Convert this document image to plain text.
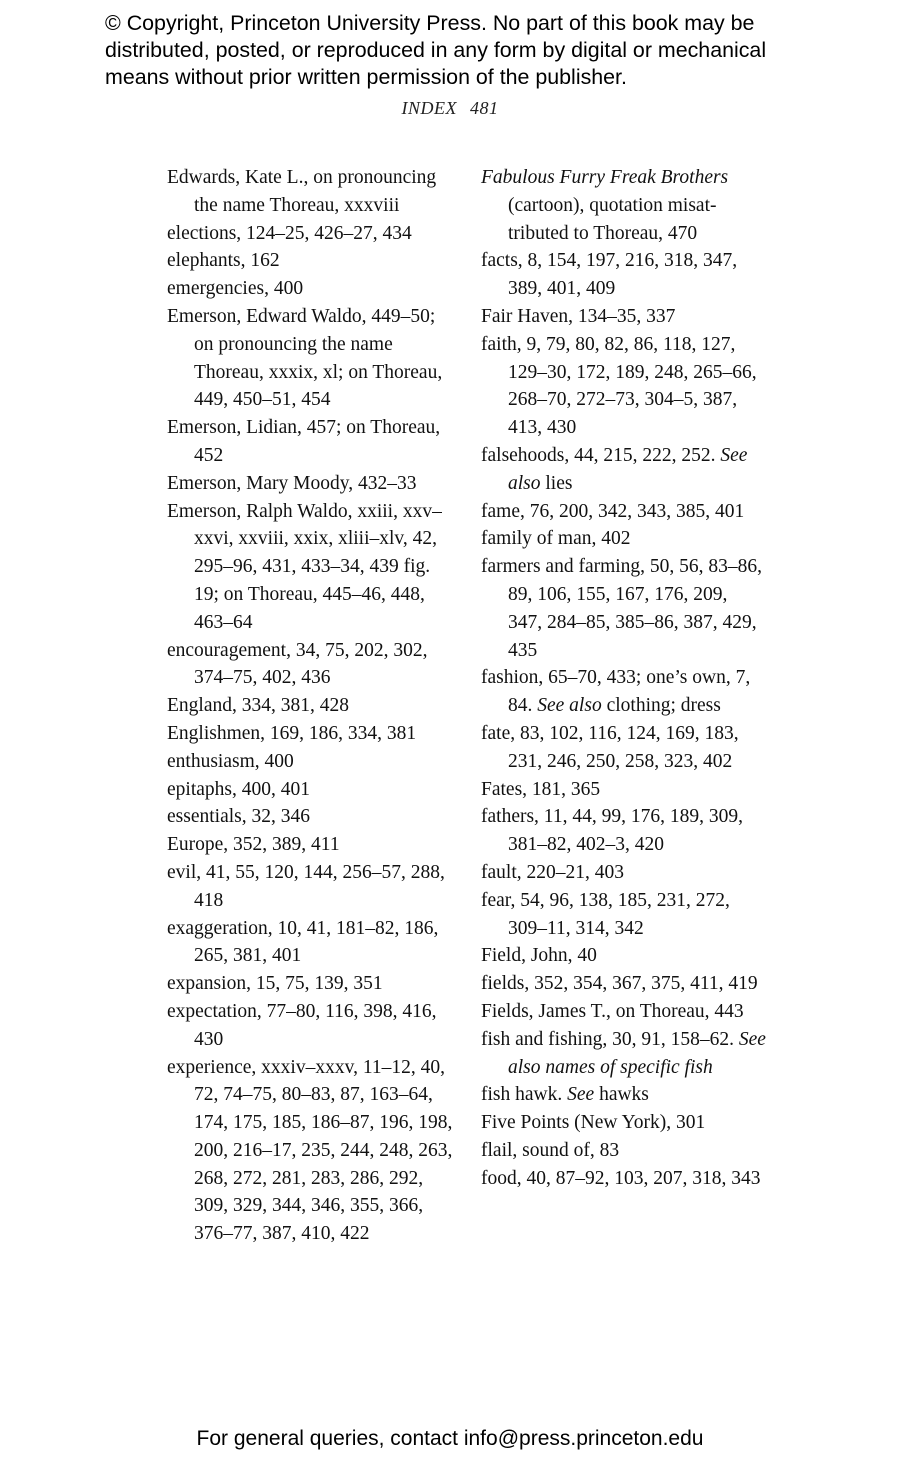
© Copyright, Princeton University Press. No part of this book may be distributed, posted, or reproduced in any form by digital or mechanical means without prior written permission of the publisher.
INDEX 481

Edwards, Kate L., on pronouncing the name Thoreau, xxxviii

elections, 124–25, 426–27, 434

elephants, 162

emergencies, 400

Emerson, Edward Waldo, 449–50; on pronouncing the name Thoreau, xxxix, xl; on Thoreau, 449, 450–51, 454

Emerson, Lidian, 457; on Thoreau, 452

Emerson, Mary Moody, 432–33

Emerson, Ralph Waldo, xxiii, xxv–xxvi, xxviii, xxix, xliii–xlv, 42, 295–96, 431, 433–34, 439 fig. 19; on Thoreau, 445–46, 448, 463–64

encouragement, 34, 75, 202, 302, 374–75, 402, 436

England, 334, 381, 428

Englishmen, 169, 186, 334, 381

enthusiasm, 400

epitaphs, 400, 401

essentials, 32, 346

Europe, 352, 389, 411

evil, 41, 55, 120, 144, 256–57, 288, 418

exaggeration, 10, 41, 181–82, 186, 265, 381, 401

expansion, 15, 75, 139, 351

expectation, 77–80, 116, 398, 416, 430

experience, xxxiv–xxxv, 11–12, 40, 72, 74–75, 80–83, 87, 163–64, 174, 175, 185, 186–87, 196, 198, 200, 216–17, 235, 244, 248, 263, 268, 272, 281, 283, 286, 292, 309, 329, 344, 346, 355, 366, 376–77, 387, 410, 422

Fabulous Furry Freak Brothers (cartoon), quotation misattributed to Thoreau, 470

facts, 8, 154, 197, 216, 318, 347, 389, 401, 409

Fair Haven, 134–35, 337

faith, 9, 79, 80, 82, 86, 118, 127, 129–30, 172, 189, 248, 265–66, 268–70, 272–73, 304–5, 387, 413, 430

falsehoods, 44, 215, 222, 252. See also lies

fame, 76, 200, 342, 343, 385, 401

family of man, 402

farmers and farming, 50, 56, 83–86, 89, 106, 155, 167, 176, 209, 347, 284–85, 385–86, 387, 429, 435

fashion, 65–70, 433; one’s own, 7, 84. See also clothing; dress

fate, 83, 102, 116, 124, 169, 183, 231, 246, 250, 258, 323, 402

Fates, 181, 365

fathers, 11, 44, 99, 176, 189, 309, 381–82, 402–3, 420

fault, 220–21, 403

fear, 54, 96, 138, 185, 231, 272, 309–11, 314, 342

Field, John, 40

fields, 352, 354, 367, 375, 411, 419

Fields, James T., on Thoreau, 443

fish and fishing, 30, 91, 158–62. See also names of specific fish

fish hawk. See hawks

Five Points (New York), 301

flail, sound of, 83

food, 40, 87–92, 103, 207, 318, 343

For general queries, contact info@press.princeton.edu
